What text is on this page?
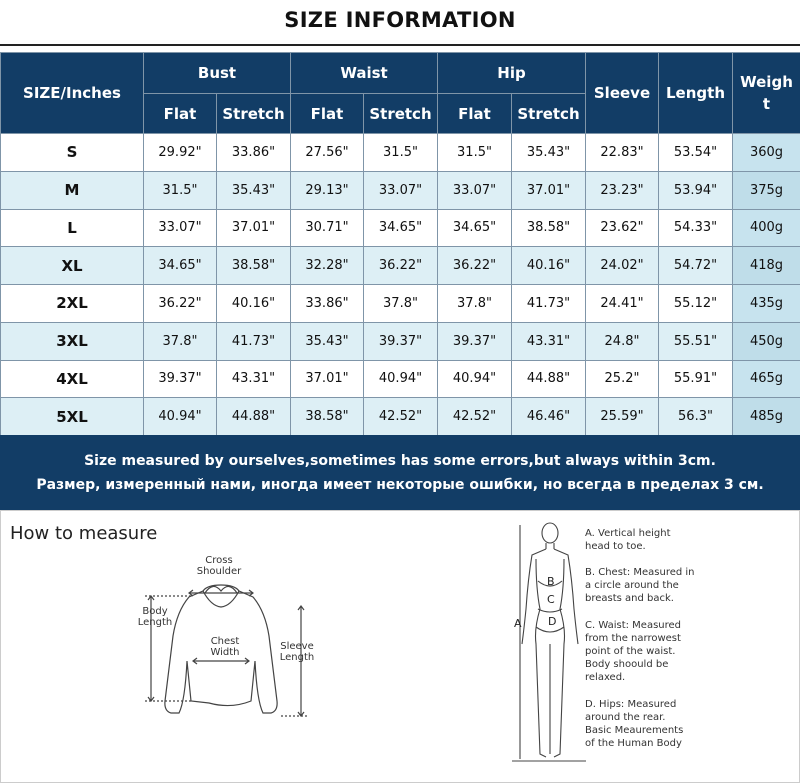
SIZE INFORMATION
SIZE/Inches	Bust		Waist		Hip		Sleeve	Length	Weigh
t
	Flat	Stretch	Flat	Stretch	Flat	Stretch			
S	29.92"	33.86"	27.56"	31.5"	31.5"	35.43"	22.83"	53.54"	360g
M	31.5"	35.43"	29.13"	33.07"	33.07"	37.01"	23.23"	53.94"	375g
L	33.07"	37.01"	30.71"	34.65"	34.65"	38.58"	23.62"	54.33"	400g
XL	34.65"	38.58"	32.28"	36.22"	36.22"	40.16"	24.02"	54.72"	418g
2XL	36.22"	40.16"	33.86"	37.8"	37.8"	41.73"	24.41"	55.12"	435g
3XL	37.8"	41.73"	35.43"	39.37"	39.37"	43.31"	24.8"	55.51"	450g
4XL	39.37"	43.31"	37.01"	40.94"	40.94"	44.88"	25.2"	55.91"	465g
5XL	40.94"	44.88"	38.58"	42.52"	42.52"	46.46"	25.59"	56.3"	485g
Size measured by ourselves,sometimes has some errors,but always within 3cm.
Размер, измеренный нами, иногда имеет некоторые ошибки, но всегда в пределах 3 см.
How to measure
Cross Shoulder
Body Length
Chest Width
Sleeve Length
A
B
C
D
A. Vertical height head to toe.
B. Chest: Measured in a circle around the breasts and back.
C. Waist: Measured from the narrowest point of the waist. Body shoould be relaxed.
D. Hips: Measured around the rear. Basic Meaurements of the Human Body
